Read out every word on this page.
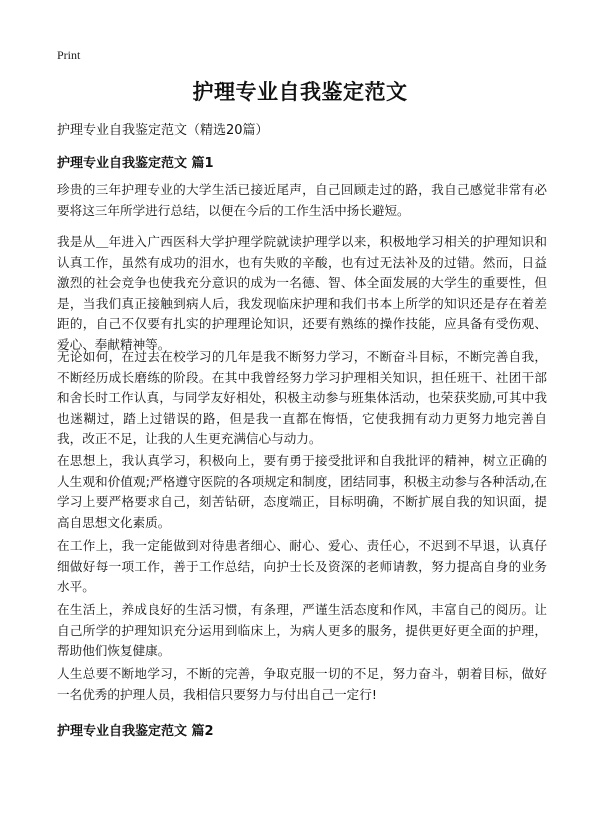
Print
护理专业自我鉴定范文

护理专业自我鉴定范文（精选20篇）

护理专业自我鉴定范文 篇1

珍贵的三年护理专业的大学生活已接近尾声，自己回顾走过的路，我自己感觉非常有必要将这三年所学进行总结，以便在今后的工作生活中扬长避短。

我是从＿年进入广西医科大学护理学院就读护理学以来，积极地学习相关的护理知识和认真工作，虽然有成功的泪水，也有失败的辛酸，也有过无法补及的过错。然而，日益激烈的社会竞争也使我充分意识的成为一名德、智、体全面发展的大学生的重要性，但是，当我们真正接触到病人后，我发现临床护理和我们书本上所学的知识还是存在着差距的，自己不仅要有扎实的护理理论知识，还要有熟练的操作技能，应具备有受伤观、爱心、奉献精神等。

无论如何，在过去在校学习的几年是我不断努力学习，不断奋斗目标，不断完善自我，不断经历成长磨练的阶段。在其中我曾经努力学习护理相关知识，担任班干、社团干部和舍长时工作认真，与同学友好相处，积极主动参与班集体活动，也荣获奖励,可其中我也迷糊过，踏上过错误的路，但是我一直都在悔悟，它使我拥有动力更努力地完善自我，改正不足，让我的人生更充满信心与动力。

在思想上，我认真学习，积极向上，要有勇于接受批评和自我批评的精神，树立正确的人生观和价值观;严格遵守医院的各项规定和制度，团结同事，积极主动参与各种活动,在学习上要严格要求自己，刻苦钻研，态度端正，目标明确，不断扩展自我的知识面，提高自思想文化素质。

在工作上，我一定能做到对待患者细心、耐心、爱心、责任心，不迟到不早退，认真仔细做好每一项工作，善于工作总结，向护士长及资深的老师请教，努力提高自身的业务水平。

在生活上，养成良好的生活习惯，有条理，严谨生活态度和作风，丰富自己的阅历。让自己所学的护理知识充分运用到临床上，为病人更多的服务，提供更好更全面的护理，帮助他们恢复健康。

人生总要不断地学习，不断的完善，争取克服一切的不足，努力奋斗，朝着目标，做好一名优秀的护理人员，我相信只要努力与付出自己一定行!

护理专业自我鉴定范文 篇2
